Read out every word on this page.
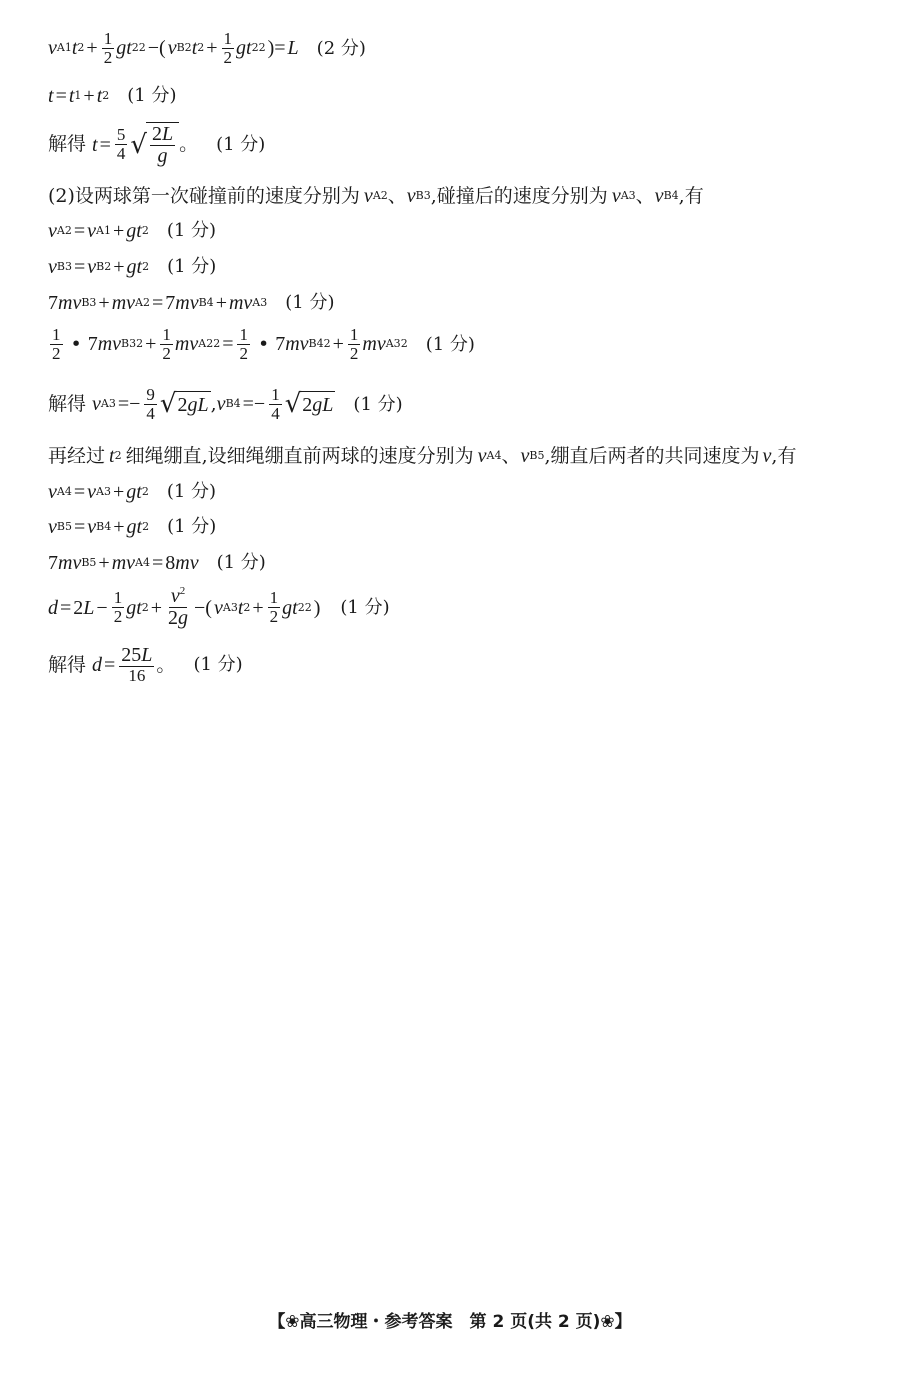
v A1 t $2 + \frac{1}{2}$ gt 2 2 −( v B2 t $2 + \frac{1}{2}$ gt 2 2 )= L (2 分)
t = t 1 + t 2 (1 分)
解得 $t = \frac{5}{4}$ √ $\frac{2L}{g}$ 。 (1 分)
(2)设两球第一次碰撞前的速度分别为 v A2 、 v B3 ,碰撞后的速度分别为 v A3 、 v B4 ,有
v A2 = v A1 + gt 2 (1 分)
v B3 = v B2 + gt 2 (1 分)
7 mv B3 + mv A2 = 7 mv B4 + mv A3 (1 分)
$\frac{1}{2}$ • 7 mv B3 $2 + \frac{1}{2}$ mv A2 $2 = \frac{1}{2}$ • 7 mv B4 $2 + \frac{1}{2}$ mv A3 2 (1 分)
解得 v $A3 =- \frac{9}{4}$ √ 2 gL , v $B4 =- \frac{1}{4}$ √ 2 gL (1 分)
再经过 t 2 细绳绷直,设细绳绷直前两球的速度分别为 v A4 、 v B5 ,绷直后两者的共同速度为 v ,有
v A4 = v A3 + gt 2 (1 分)
v B5 = v B4 + gt 2 (1 分)
7 mv B5 + mv A4 = 8 mv (1 分)
d = 2 $L - \frac{1}{2}$ gt $2 + \frac{v^2}{2g}$ −( v A3 t $2 + \frac{1}{2}$ gt 2 2 ) (1 分)
解得 $d = \frac{25L}{16}$ 。 (1 分)
【❀高三物理・参考答案　第 2 页(共 2 页)❀】
